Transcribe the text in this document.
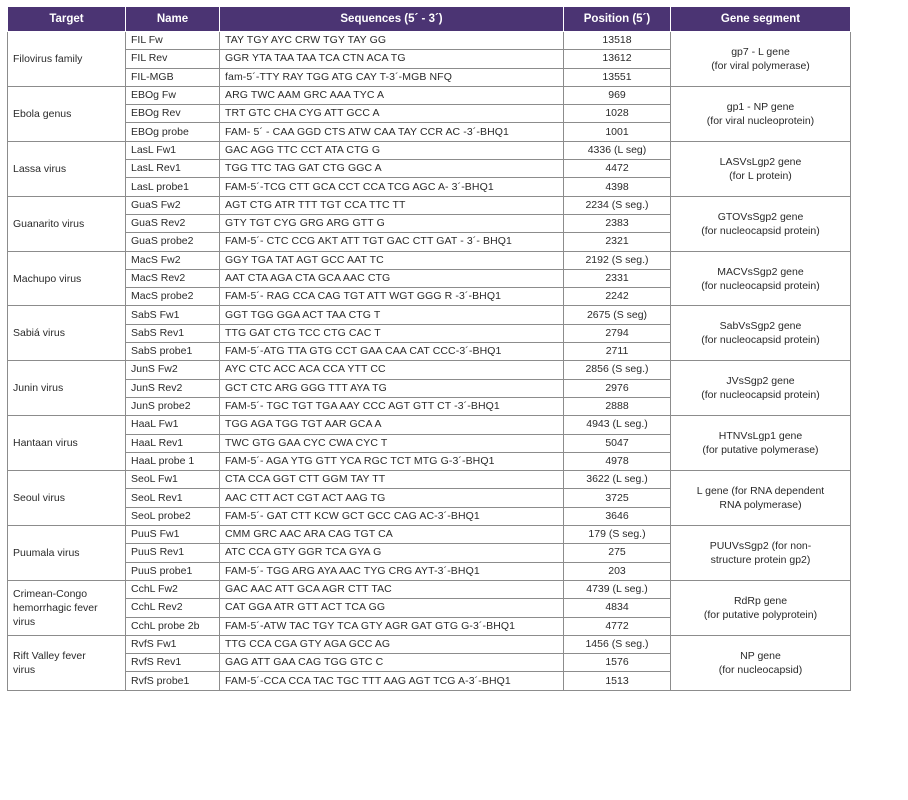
Target	Name	Sequences (5´ - 3´)	Position (5´)	Gene segment
Filovirus family	FIL Fw	TAY TGY AYC CRW TGY TAY GG	13518	gp7 - L gene
(for viral polymerase)
	FIL Rev	GGR YTA TAA TAA TCA CTN ACA TG	13612	
	FIL-MGB	fam-5´-TTY RAY TGG ATG CAY T-3´-MGB NFQ	13551	
Ebola genus	EBOg Fw	ARG TWC AAM GRC AAA TYC A	969	gp1 - NP gene
(for viral nucleoprotein)
	EBOg Rev	TRT GTC CHA CYG ATT GCC A	1028	
	EBOg probe	FAM- 5´ - CAA GGD CTS ATW CAA TAY CCR AC -3´-BHQ1	1001	
Lassa virus	LasL Fw1	GAC AGG TTC CCT ATA CTG G	4336 (L seg)	LASVsLgp2 gene
(for L protein)
	LasL Rev1	TGG TTC TAG GAT CTG GGC A	4472	
	LasL probe1	FAM-5´-TCG CTT GCA CCT CCA TCG AGC A- 3´-BHQ1	4398	
Guanarito virus	GuaS Fw2	AGT CTG ATR TTT TGT CCA TTC TT	2234 (S seg.)	GTOVsSgp2 gene
(for nucleocapsid protein)
	GuaS Rev2	GTY TGT CYG GRG ARG GTT G	2383	
	GuaS probe2	FAM-5´- CTC CCG AKT ATT TGT GAC CTT GAT - 3´- BHQ1	2321	
Machupo virus	MacS Fw2	GGY TGA TAT AGT GCC AAT TC	2192 (S seg.)	MACVsSgp2 gene
(for nucleocapsid protein)
	MacS Rev2	AAT CTA AGA CTA GCA AAC CTG	2331	
	MacS probe2	FAM-5´- RAG CCA CAG TGT ATT WGT GGG R -3´-BHQ1	2242	
Sabiá virus	SabS Fw1	GGT TGG GGA ACT TAA CTG T	2675 (S seg)	SabVsSgp2 gene
(for nucleocapsid protein)
	SabS Rev1	TTG GAT CTG TCC CTG CAC T	2794	
	SabS probe1	FAM-5´-ATG TTA GTG CCT GAA CAA CAT CCC-3´-BHQ1	2711	
Junin virus	JunS Fw2	AYC CTC ACC ACA CCA YTT CC	2856 (S seg.)	JVsSgp2 gene
(for nucleocapsid protein)
	JunS Rev2	GCT CTC ARG GGG TTT AYA TG	2976	
	JunS probe2	FAM-5´- TGC TGT TGA AAY CCC AGT GTT CT -3´-BHQ1	2888	
Hantaan virus	HaaL Fw1	TGG AGA TGG TGT AAR GCA A	4943 (L seg.)	HTNVsLgp1 gene
(for putative polymerase)
	HaaL Rev1	TWC GTG GAA CYC CWA CYC T	5047	
	HaaL probe 1	FAM-5´- AGA YTG GTT YCA RGC TCT MTG G-3´-BHQ1	4978	
Seoul virus	SeoL Fw1	CTA CCA GGT CTT GGM TAY TT	3622 (L seg.)	L gene (for RNA dependent
RNA polymerase)
	SeoL Rev1	AAC CTT ACT CGT ACT AAG TG	3725	
	SeoL probe2	FAM-5´- GAT CTT KCW GCT GCC CAG AC-3´-BHQ1	3646	
Puumala virus	PuuS Fw1	CMM GRC AAC ARA CAG TGT CA	179 (S seg.)	PUUVsSgp2 (for non-
structure protein gp2)
	PuuS Rev1	ATC CCA GTY GGR TCA GYA G	275	
	PuuS probe1	FAM-5´- TGG ARG AYA AAC TYG CRG AYT-3´-BHQ1	203	
Crimean-Congo
hemorrhagic fever
virus	CchL Fw2	GAC AAC ATT GCA AGR CTT TAC	4739 (L seg.)	RdRp gene
(for putative polyprotein)
	CchL Rev2	CAT GGA ATR GTT ACT TCA GG	4834	
	CchL probe 2b	FAM-5´-ATW TAC TGY TCA GTY AGR GAT GTG G-3´-BHQ1	4772	
Rift Valley fever
virus	RvfS Fw1	TTG CCA CGA GTY AGA GCC AG	1456 (S seg.)	NP gene
(for nucleocapsid)
	RvfS Rev1	GAG ATT GAA CAG TGG GTC C	1576	
	RvfS probe1	FAM-5´-CCA CCA TAC TGC TTT AAG AGT TCG A-3´-BHQ1	1513	
